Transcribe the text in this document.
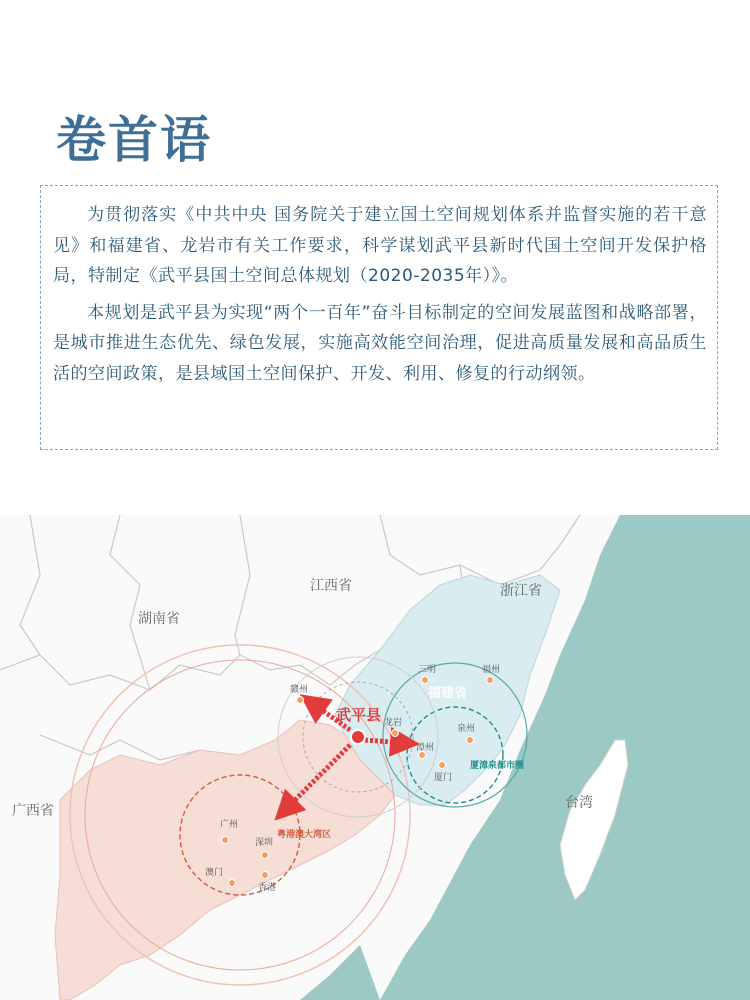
卷首语

为贯彻落实《中共中央 国务院关于建立国土空间规划体系并监督实施的若干意见》和福建省、龙岩市有关工作要求，科学谋划武平县新时代国土空间开发保护格局，特制定《武平县国土空间总体规划（2020-2035年）》。

本规划是武平县为实现“两个一百年”奋斗目标制定的空间发展蓝图和战略部署，是城市推进生态优先、绿色发展，实施高效能空间治理，促进高质量发展和高品质生活的空间政策，是县域国土空间保护、开发、利用、修复的行动纲领。

江西省
湖南省
浙江省
广西省	台湾
福建省
赣州
三明	福州
龙岩
泉州
漳州
厦门
广州
深圳
澳门
香港
武平县
厦漳泉都市圈
粤港澳大湾区
